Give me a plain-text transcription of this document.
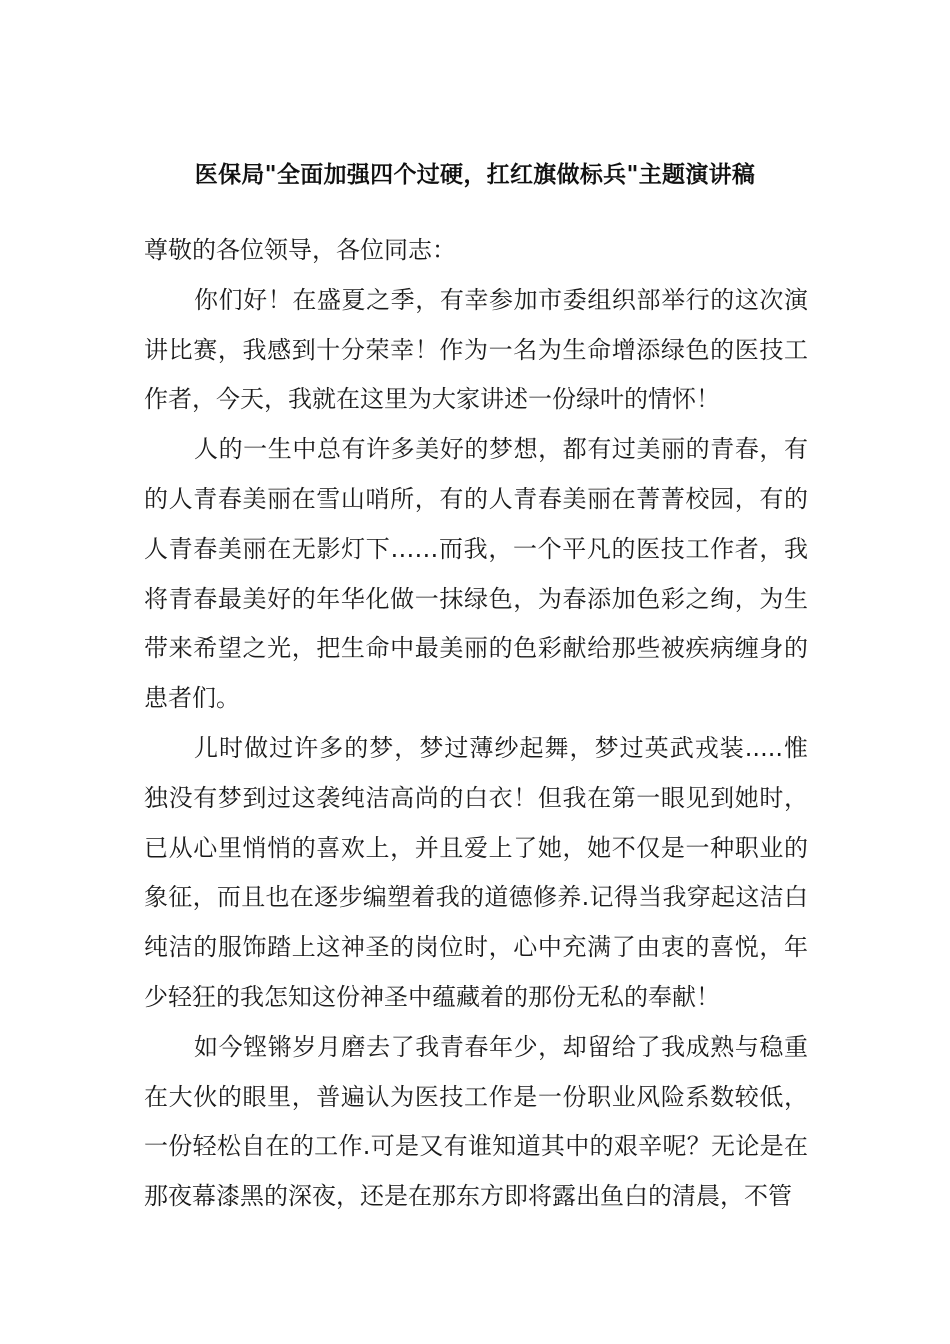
医保局"全面加强四个过硬，扛红旗做标兵"主题演讲稿

尊敬的各位领导，各位同志：

你们好！在盛夏之季，有幸参加市委组织部举行的这次演讲比赛，我感到十分荣幸！作为一名为生命增添绿色的医技工作者，今天，我就在这里为大家讲述一份绿叶的情怀！

人的一生中总有许多美好的梦想，都有过美丽的青春，有的人青春美丽在雪山哨所，有的人青春美丽在菁菁校园，有的人青春美丽在无影灯下……而我，一个平凡的医技工作者，我将青春最美好的年华化做一抹绿色，为春添加色彩之绚，为生带来希望之光，把生命中最美丽的色彩献给那些被疾病缠身的患者们。

儿时做过许多的梦，梦过薄纱起舞，梦过英武戎装.....惟独没有梦到过这袭纯洁高尚的白衣！但我在第一眼见到她时，已从心里悄悄的喜欢上，并且爱上了她，她不仅是一种职业的象征，而且也在逐步编塑着我的道德修养.记得当我穿起这洁白纯洁的服饰踏上这神圣的岗位时，心中充满了由衷的喜悦，年少轻狂的我怎知这份神圣中蕴藏着的那份无私的奉献！

如今铿锵岁月磨去了我青春年少，却留给了我成熟与稳重在大伙的眼里，普遍认为医技工作是一份职业风险系数较低，一份轻松自在的工作.可是又有谁知道其中的艰辛呢？无论是在那夜幕漆黑的深夜，还是在那东方即将露出鱼白的清晨，不管
